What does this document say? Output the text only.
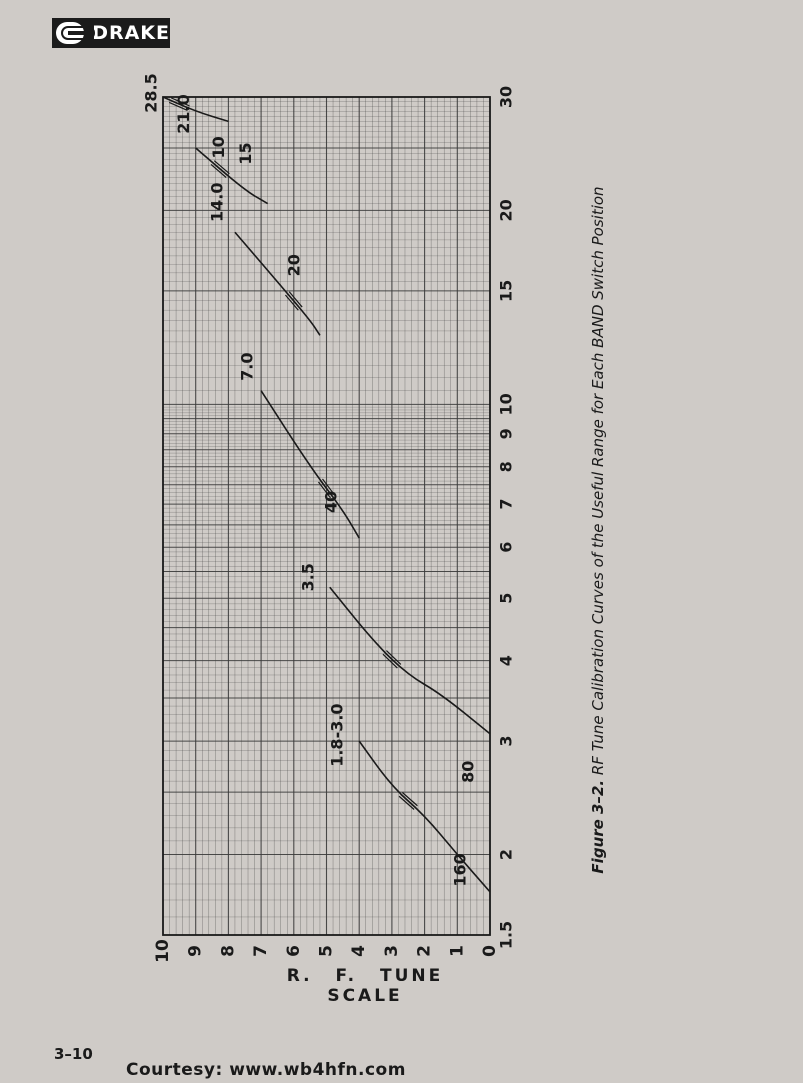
DRAKE
10 9 8 7 6 5 4 3 2 1 0
1.5
2
3
4
5
6
7
8
9
10
15
20
30
1.8-3.0
160
3.5
80
7.0
40
14.0
20
21.0
15
28.5
10
R. F. TUNE SCALE
Figure 3–2. RF Tune Calibration Curves of the Useful Range for Each BAND Switch Position
3–10
Courtesy: www.wb4hfn.com
